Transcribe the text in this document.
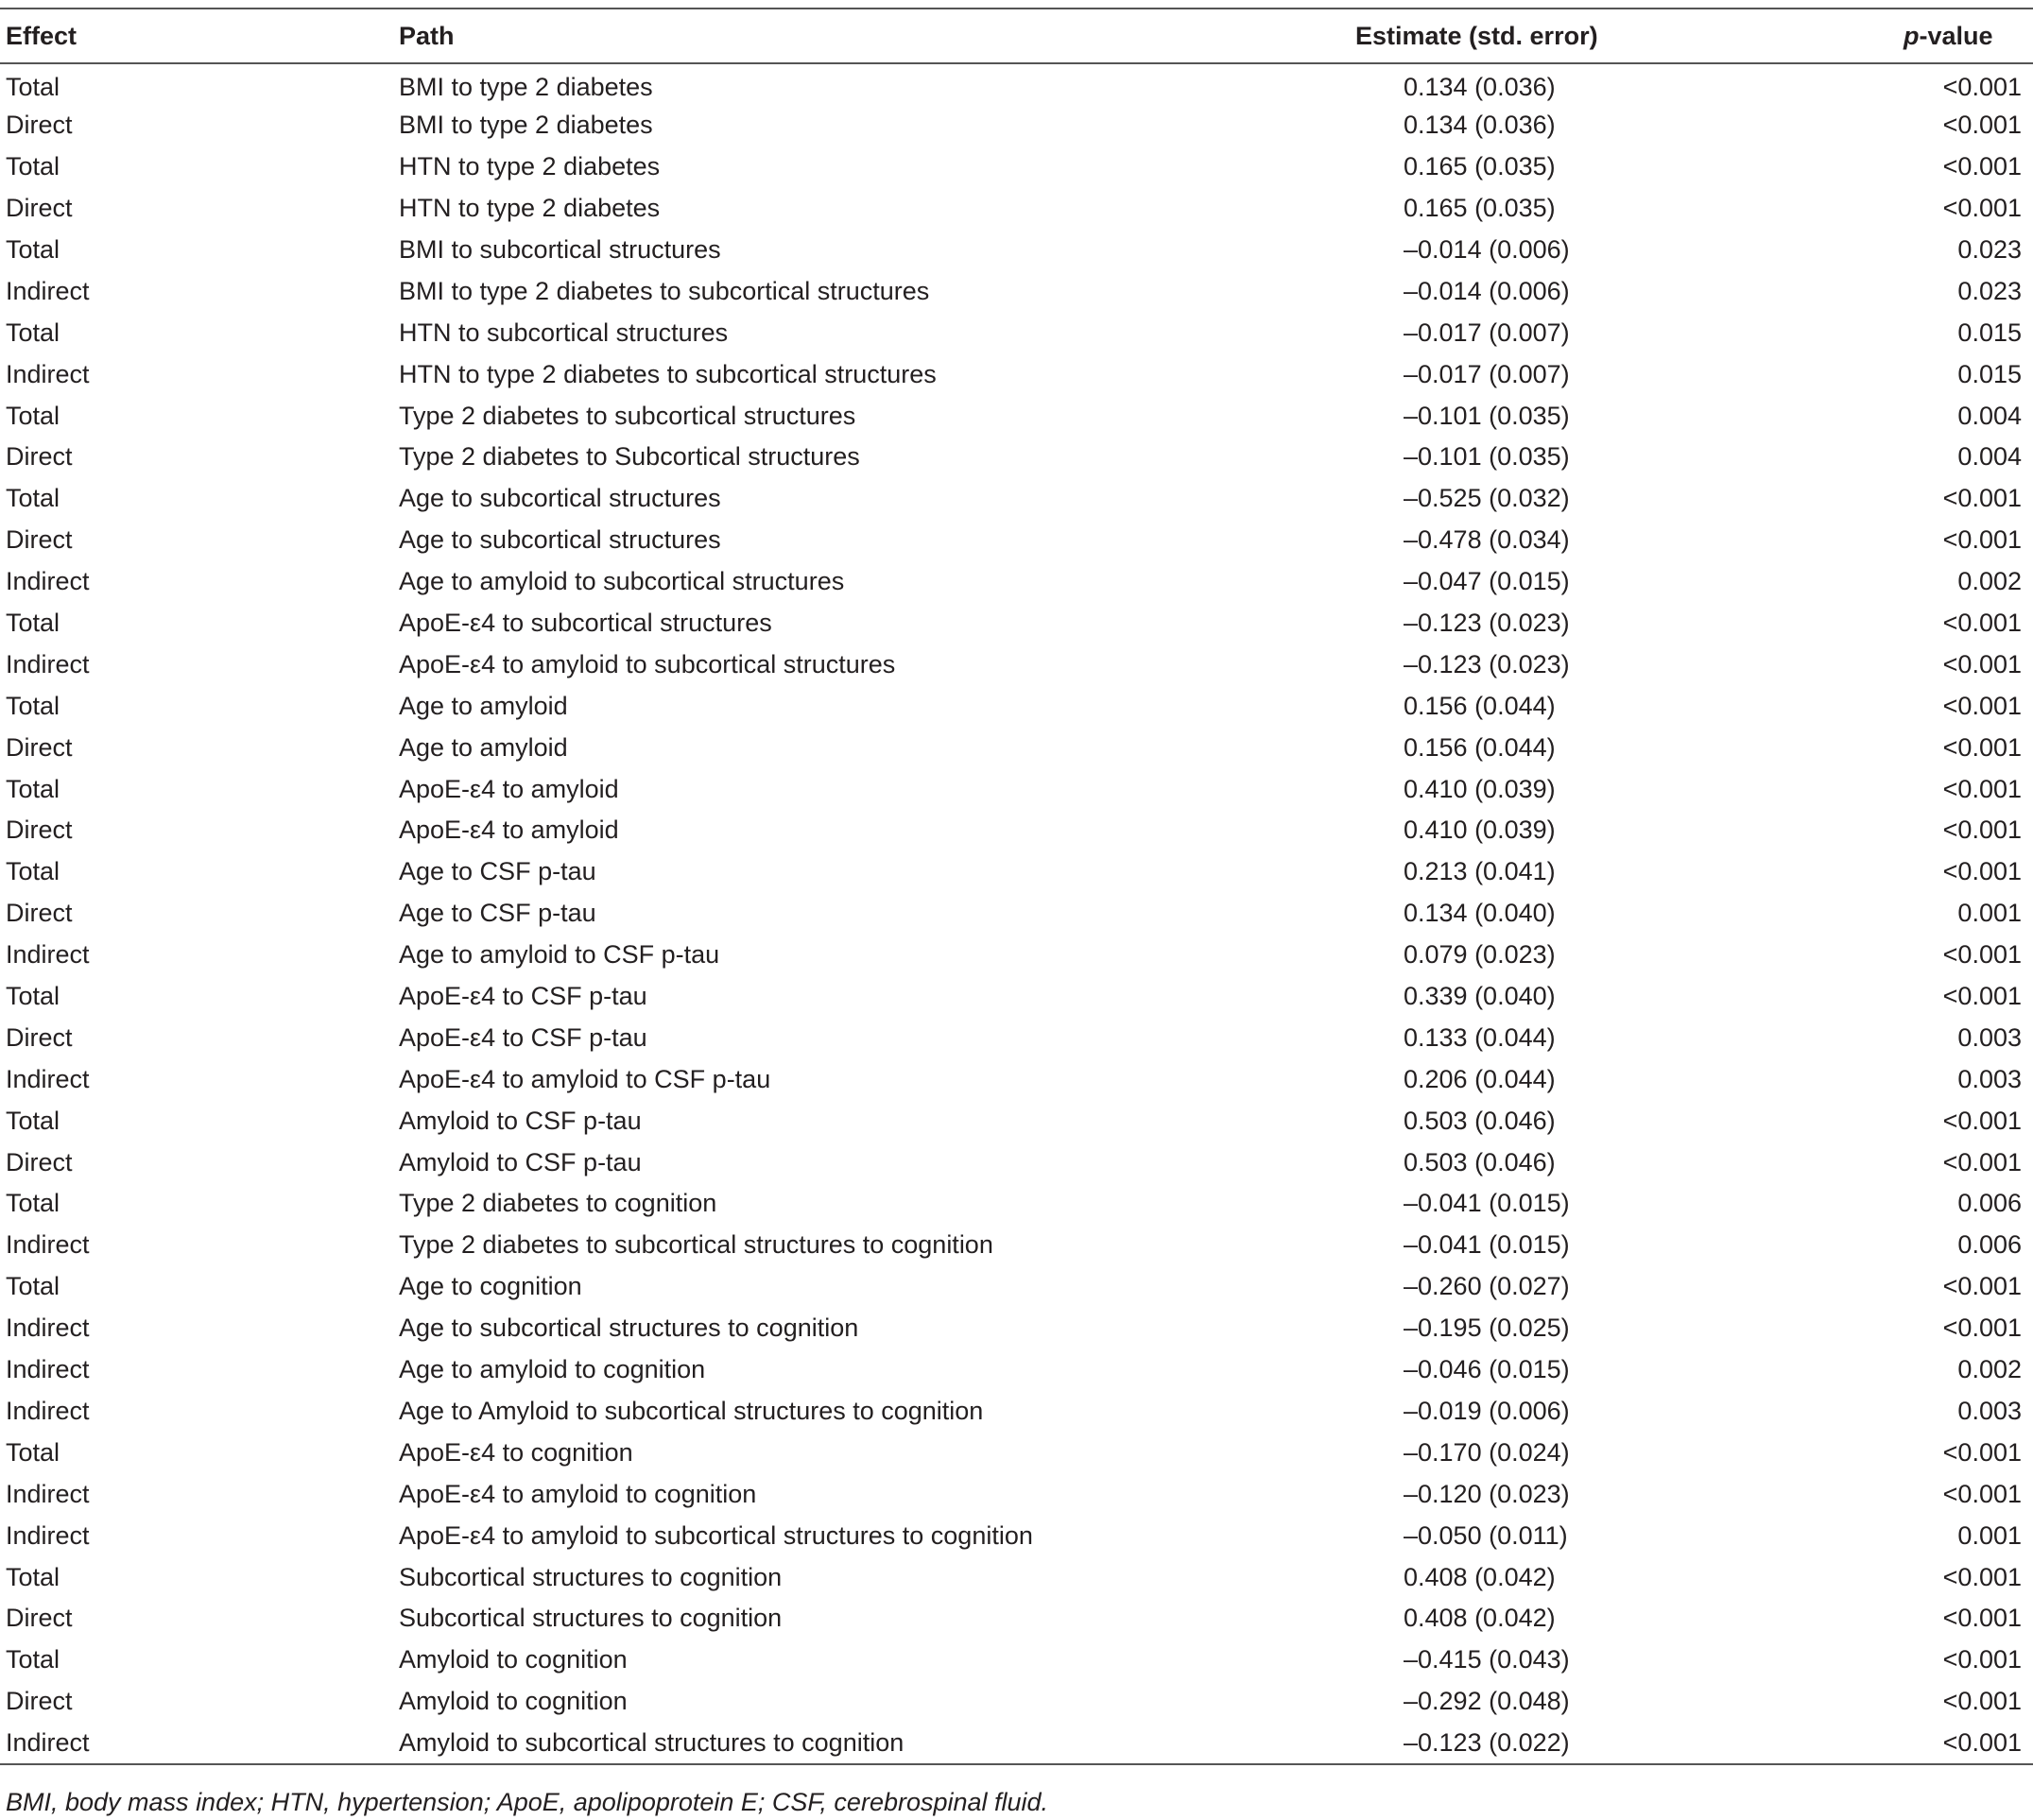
Effect	Path	Estimate (std. error)	p-value
Total	BMI to type 2 diabetes	0.134 (0.036)	<0.001
Direct	BMI to type 2 diabetes	0.134 (0.036)	<0.001
Total	HTN to type 2 diabetes	0.165 (0.035)	<0.001
Direct	HTN to type 2 diabetes	0.165 (0.035)	<0.001
Total	BMI to subcortical structures	–0.014 (0.006)	0.023
Indirect	BMI to type 2 diabetes to subcortical structures	–0.014 (0.006)	0.023
Total	HTN to subcortical structures	–0.017 (0.007)	0.015
Indirect	HTN to type 2 diabetes to subcortical structures	–0.017 (0.007)	0.015
Total	Type 2 diabetes to subcortical structures	–0.101 (0.035)	0.004
Direct	Type 2 diabetes to Subcortical structures	–0.101 (0.035)	0.004
Total	Age to subcortical structures	–0.525 (0.032)	<0.001
Direct	Age to subcortical structures	–0.478 (0.034)	<0.001
Indirect	Age to amyloid to subcortical structures	–0.047 (0.015)	0.002
Total	ApoE-ε4 to subcortical structures	–0.123 (0.023)	<0.001
Indirect	ApoE-ε4 to amyloid to subcortical structures	–0.123 (0.023)	<0.001
Total	Age to amyloid	0.156 (0.044)	<0.001
Direct	Age to amyloid	0.156 (0.044)	<0.001
Total	ApoE-ε4 to amyloid	0.410 (0.039)	<0.001
Direct	ApoE-ε4 to amyloid	0.410 (0.039)	<0.001
Total	Age to CSF p-tau	0.213 (0.041)	<0.001
Direct	Age to CSF p-tau	0.134 (0.040)	0.001
Indirect	Age to amyloid to CSF p-tau	0.079 (0.023)	<0.001
Total	ApoE-ε4 to CSF p-tau	0.339 (0.040)	<0.001
Direct	ApoE-ε4 to CSF p-tau	0.133 (0.044)	0.003
Indirect	ApoE-ε4 to amyloid to CSF p-tau	0.206 (0.044)	0.003
Total	Amyloid to CSF p-tau	0.503 (0.046)	<0.001
Direct	Amyloid to CSF p-tau	0.503 (0.046)	<0.001
Total	Type 2 diabetes to cognition	–0.041 (0.015)	0.006
Indirect	Type 2 diabetes to subcortical structures to cognition	–0.041 (0.015)	0.006
Total	Age to cognition	–0.260 (0.027)	<0.001
Indirect	Age to subcortical structures to cognition	–0.195 (0.025)	<0.001
Indirect	Age to amyloid to cognition	–0.046 (0.015)	0.002
Indirect	Age to Amyloid to subcortical structures to cognition	–0.019 (0.006)	0.003
Total	ApoE-ε4 to cognition	–0.170 (0.024)	<0.001
Indirect	ApoE-ε4 to amyloid to cognition	–0.120 (0.023)	<0.001
Indirect	ApoE-ε4 to amyloid to subcortical structures to cognition	–0.050 (0.011)	0.001
Total	Subcortical structures to cognition	0.408 (0.042)	<0.001
Direct	Subcortical structures to cognition	0.408 (0.042)	<0.001
Total	Amyloid to cognition	–0.415 (0.043)	<0.001
Direct	Amyloid to cognition	–0.292 (0.048)	<0.001
Indirect	Amyloid to subcortical structures to cognition	–0.123 (0.022)	<0.001
BMI, body mass index; HTN, hypertension; ApoE, apolipoprotein E; CSF, cerebrospinal fluid.
